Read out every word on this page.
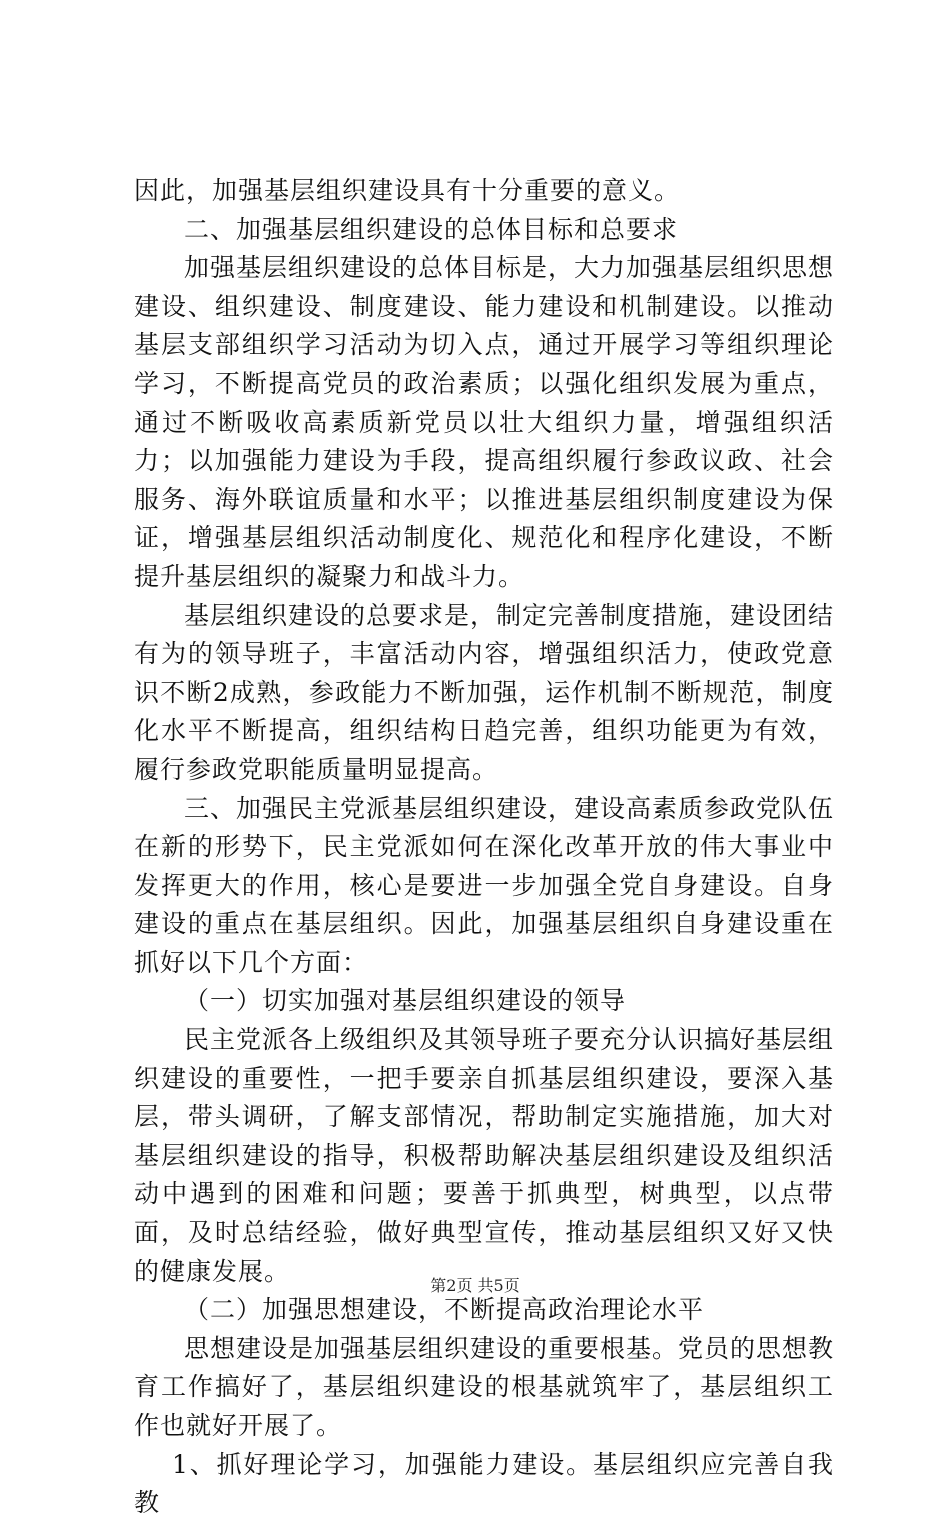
因此，加强基层组织建设具有十分重要的意义。

二、加强基层组织建设的总体目标和总要求

加强基层组织建设的总体目标是，大力加强基层组织思想建设、组织建设、制度建设、能力建设和机制建设。以推动基层支部组织学习活动为切入点，通过开展学习等组织理论学习，不断提高党员的政治素质；以强化组织发展为重点，通过不断吸收高素质新党员以壮大组织力量，增强组织活力；以加强能力建设为手段，提高组织履行参政议政、社会服务、海外联谊质量和水平；以推进基层组织制度建设为保证，增强基层组织活动制度化、规范化和程序化建设，不断提升基层组织的凝聚力和战斗力。

基层组织建设的总要求是，制定完善制度措施，建设团结有为的领导班子，丰富活动内容，增强组织活力，使政党意识不断2成熟，参政能力不断加强，运作机制不断规范，制度化水平不断提高，组织结构日趋完善，组织功能更为有效，履行参政党职能质量明显提高。

三、加强民主党派基层组织建设，建设高素质参政党队伍在新的形势下，民主党派如何在深化改革开放的伟大事业中发挥更大的作用，核心是要进一步加强全党自身建设。自身建设的重点在基层组织。因此，加强基层组织自身建设重在抓好以下几个方面：

（一）切实加强对基层组织建设的领导

民主党派各上级组织及其领导班子要充分认识搞好基层组织建设的重要性，一把手要亲自抓基层组织建设，要深入基层，带头调研，了解支部情况，帮助制定实施措施，加大对基层组织建设的指导，积极帮助解决基层组织建设及组织活动中遇到的困难和问题；要善于抓典型，树典型，以点带面，及时总结经验，做好典型宣传，推动基层组织又好又快的健康发展。

（二）加强思想建设，不断提高政治理论水平

思想建设是加强基层组织建设的重要根基。党员的思想教育工作搞好了，基层组织建设的根基就筑牢了，基层组织工作也就好开展了。

1、抓好理论学习，加强能力建设。基层组织应完善自我教

第2页 共5页
